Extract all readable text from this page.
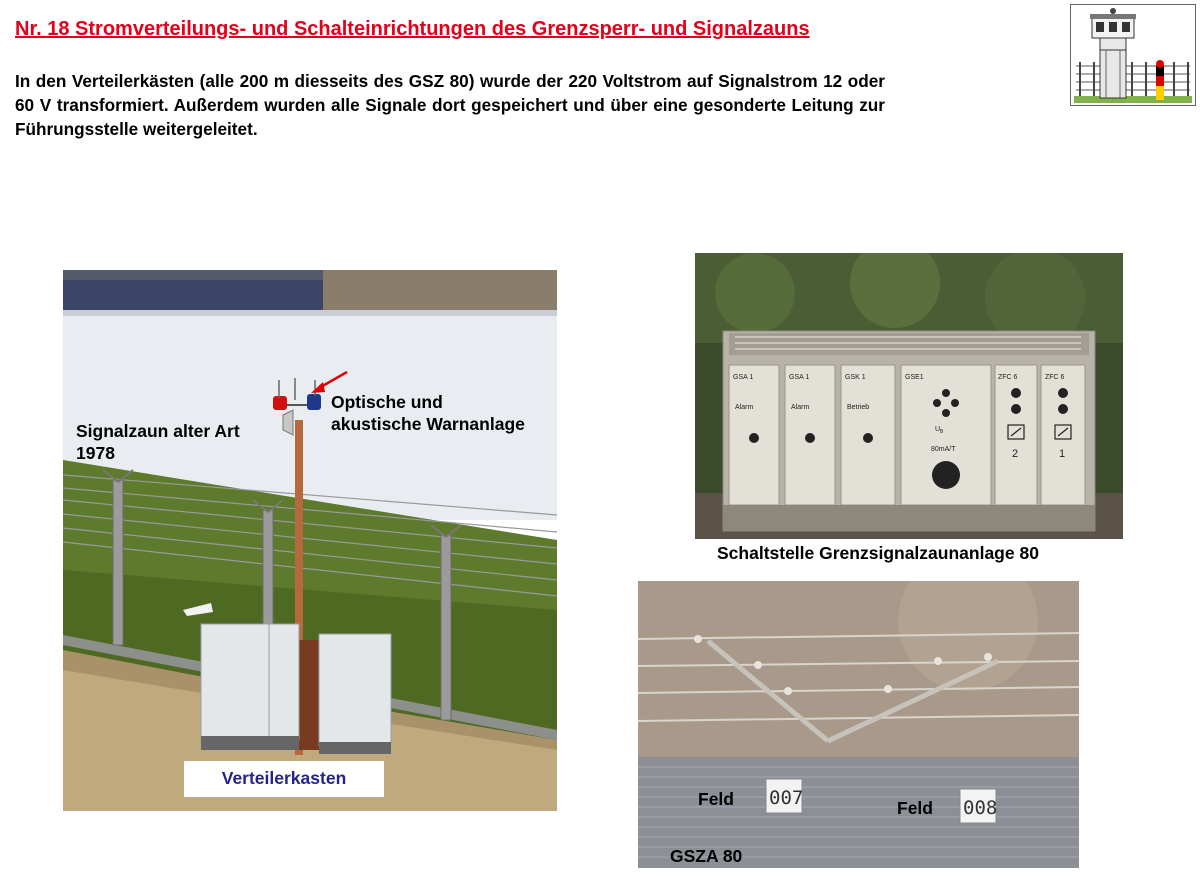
Nr. 18 Stromverteilungs- und Schalteinrichtungen des Grenzsperr- und Signalzauns

In den Verteilerkästen (alle 200 m diesseits des GSZ 80) wurde der 220 Voltstrom auf Signalstrom 12 oder 60 V transformiert. Außerdem wurden alle Signale dort gespeichert und über eine gesonderte Leitung zur Führungsstelle weitergeleitet.

Signalzaun alter Art
1978
Optische und
akustische Warnanlage
Verteilerkasten
GSA 1	GSA 1	GSK 1	GSE1	ZFC 6	ZFC 6
Alarm	Alarm	Betrieb
U B
80mA/T	2	1
Schaltstelle Grenzsignalzaunanlage 80
007	008
Feld	Feld
GSZA 80
